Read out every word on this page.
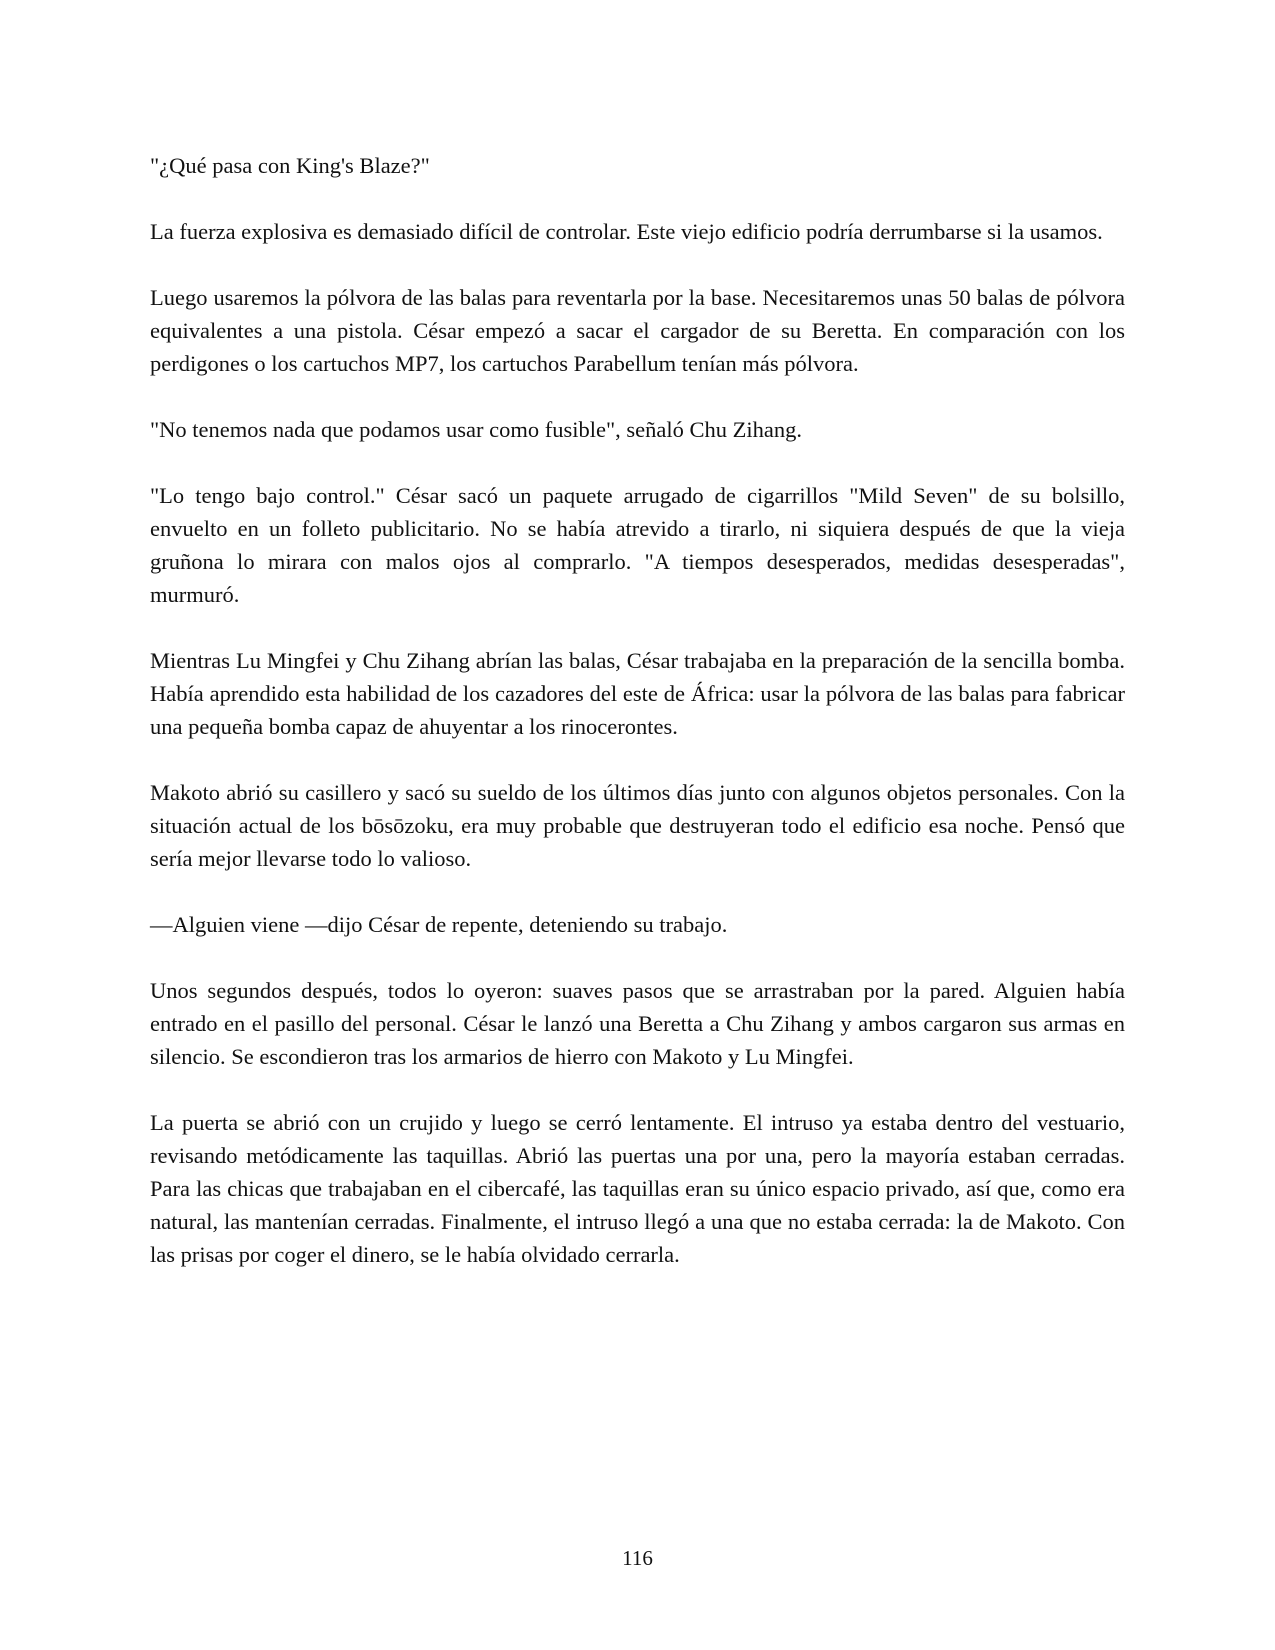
"¿Qué pasa con King's Blaze?"

La fuerza explosiva es demasiado difícil de controlar. Este viejo edificio podría derrumbarse si la usamos.

Luego usaremos la pólvora de las balas para reventarla por la base. Necesitaremos unas 50 balas de pólvora equivalentes a una pistola. César empezó a sacar el cargador de su Beretta. En comparación con los perdigones o los cartuchos MP7, los cartuchos Parabellum tenían más pólvora.

"No tenemos nada que podamos usar como fusible", señaló Chu Zihang.

"Lo tengo bajo control." César sacó un paquete arrugado de cigarrillos "Mild Seven" de su bolsillo, envuelto en un folleto publicitario. No se había atrevido a tirarlo, ni siquiera después de que la vieja gruñona lo mirara con malos ojos al comprarlo. "A tiempos desesperados, medidas desesperadas", murmuró.

Mientras Lu Mingfei y Chu Zihang abrían las balas, César trabajaba en la preparación de la sencilla bomba. Había aprendido esta habilidad de los cazadores del este de África: usar la pólvora de las balas para fabricar una pequeña bomba capaz de ahuyentar a los rinocerontes.

Makoto abrió su casillero y sacó su sueldo de los últimos días junto con algunos objetos personales. Con la situación actual de los bōsōzoku, era muy probable que destruyeran todo el edificio esa noche. Pensó que sería mejor llevarse todo lo valioso.

—Alguien viene —dijo César de repente, deteniendo su trabajo.

Unos segundos después, todos lo oyeron: suaves pasos que se arrastraban por la pared. Alguien había entrado en el pasillo del personal. César le lanzó una Beretta a Chu Zihang y ambos cargaron sus armas en silencio. Se escondieron tras los armarios de hierro con Makoto y Lu Mingfei.

La puerta se abrió con un crujido y luego se cerró lentamente. El intruso ya estaba dentro del vestuario, revisando metódicamente las taquillas. Abrió las puertas una por una, pero la mayoría estaban cerradas. Para las chicas que trabajaban en el cibercafé, las taquillas eran su único espacio privado, así que, como era natural, las mantenían cerradas. Finalmente, el intruso llegó a una que no estaba cerrada: la de Makoto. Con las prisas por coger el dinero, se le había olvidado cerrarla.

116
